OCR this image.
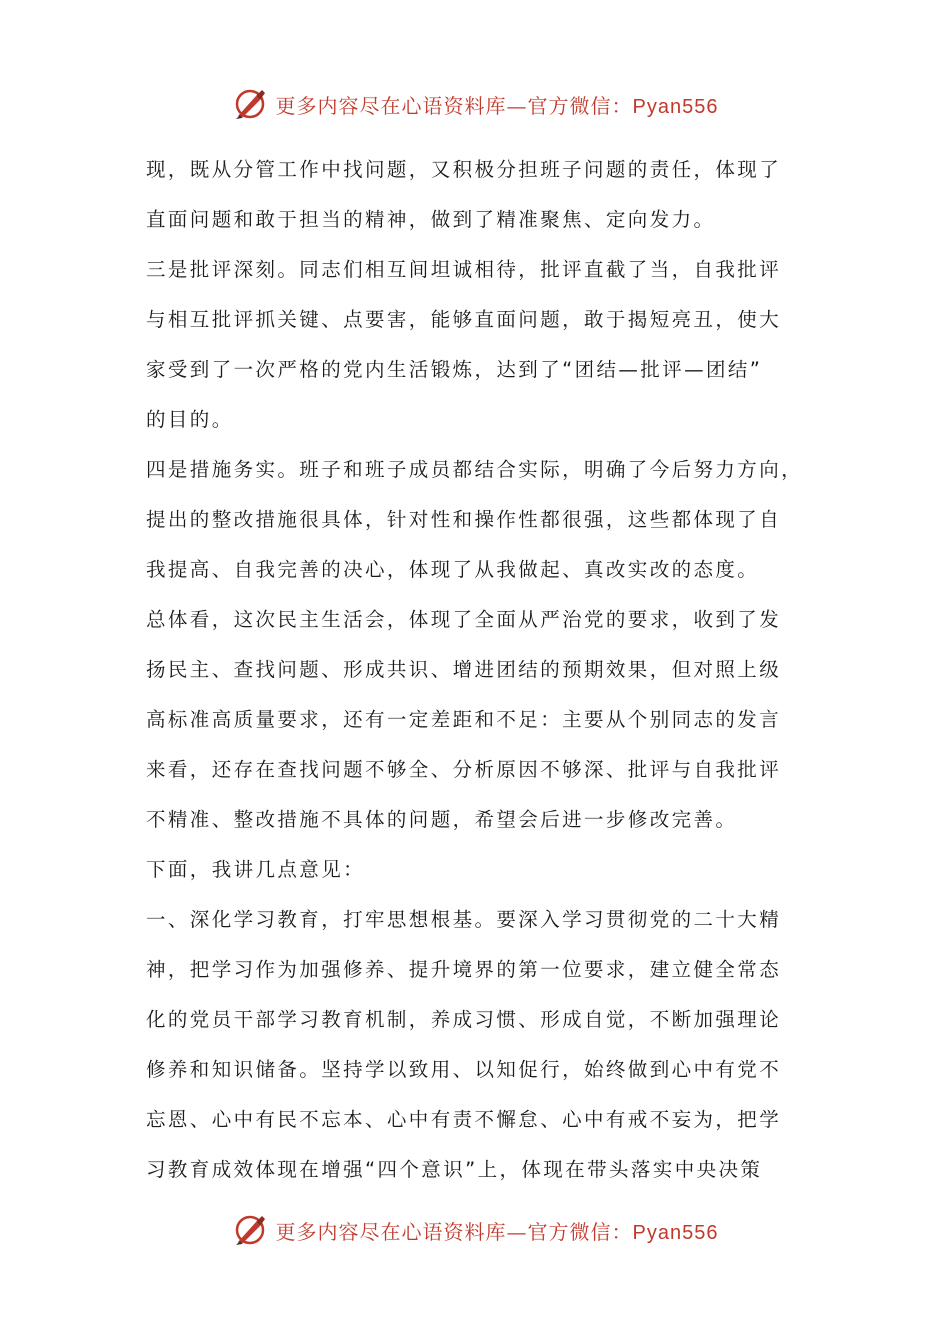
更多内容尽在心语资料库—官方微信：Pyan556

现，既从分管工作中找问题，又积极分担班子问题的责任，体现了

直面问题和敢于担当的精神，做到了精准聚焦、定向发力。

三是批评深刻。同志们相互间坦诚相待，批评直截了当，自我批评

与相互批评抓关键、点要害，能够直面问题，敢于揭短亮丑，使大

家受到了一次严格的党内生活锻炼，达到了“团结—批评—团结”

的目的。

四是措施务实。班子和班子成员都结合实际，明确了今后努力方向，

提出的整改措施很具体，针对性和操作性都很强，这些都体现了自

我提高、自我完善的决心，体现了从我做起、真改实改的态度。

总体看，这次民主生活会，体现了全面从严治党的要求，收到了发

扬民主、查找问题、形成共识、增进团结的预期效果，但对照上级

高标准高质量要求，还有一定差距和不足：主要从个别同志的发言

来看，还存在查找问题不够全、分析原因不够深、批评与自我批评

不精准、整改措施不具体的问题，希望会后进一步修改完善。

下面，我讲几点意见：

一、深化学习教育，打牢思想根基。要深入学习贯彻党的二十大精

神，把学习作为加强修养、提升境界的第一位要求，建立健全常态

化的党员干部学习教育机制，养成习惯、形成自觉，不断加强理论

修养和知识储备。坚持学以致用、以知促行，始终做到心中有党不

忘恩、心中有民不忘本、心中有责不懈怠、心中有戒不妄为，把学

习教育成效体现在增强“四个意识”上，体现在带头落实中央决策

更多内容尽在心语资料库—官方微信：Pyan556
